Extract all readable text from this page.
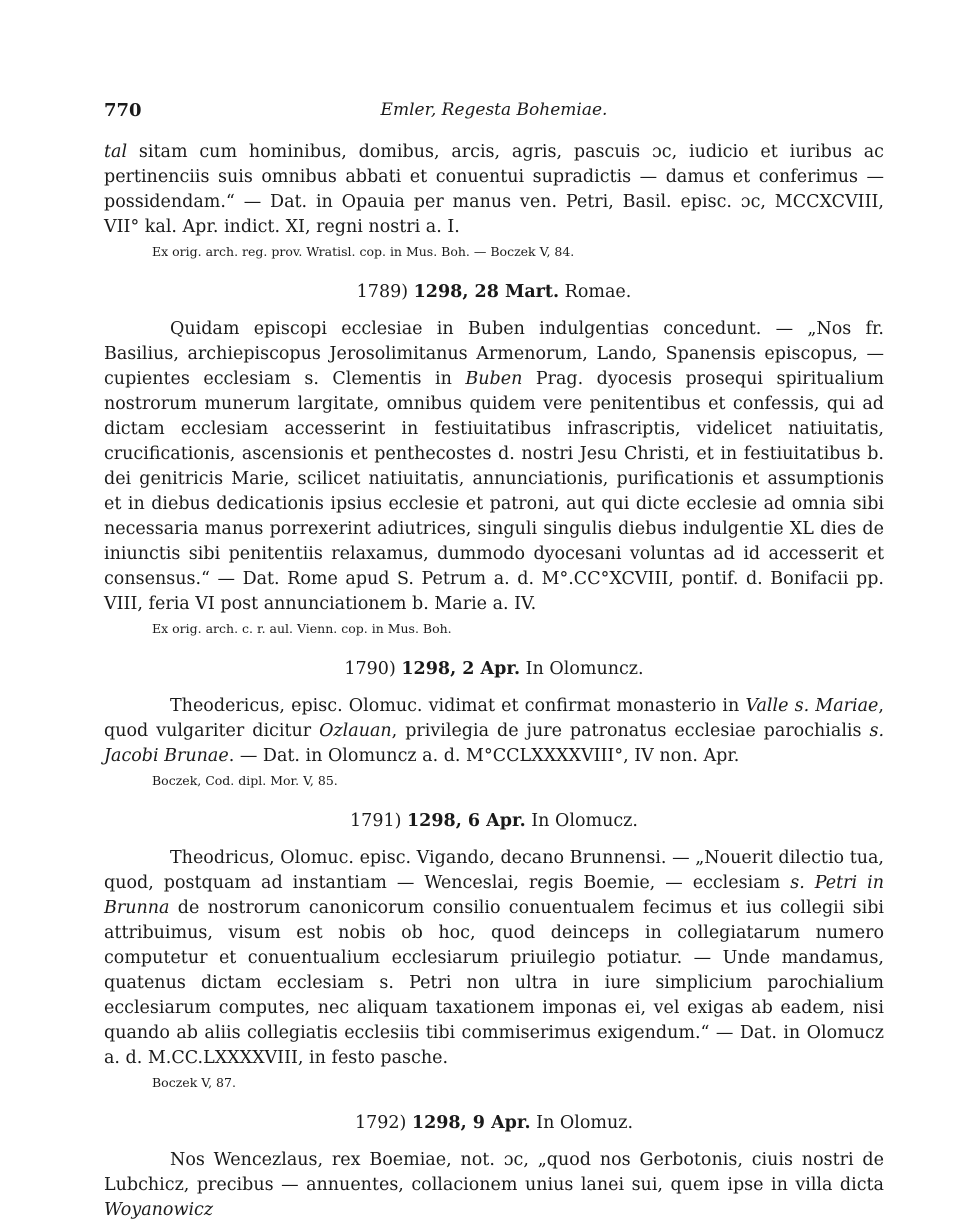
770	Emler, Regesta Bohemiae.

tal sitam cum hominibus, domibus, arcis, agris, pascuis ɔc, iudicio et iuribus ac pertinenciis suis omnibus abbati et conuentui supradictis — damus et conferimus — possidendam.“ — Dat. in Opauia per manus ven. Petri, Basil. episc. ɔc, MCCXCVIII, VII° kal. Apr. indict. XI, regni nostri a. I.

Ex orig. arch. reg. prov. Wratisl. cop. in Mus. Boh. — Boczek V, 84.
1789) 1298, 28 Mart. Romae.

Quidam episcopi ecclesiae in Buben indulgentias concedunt. — „Nos fr. Basilius, archiepiscopus Jerosolimitanus Armenorum, Lando, Spanensis episcopus, — cupientes ecclesiam s. Clementis in Buben Prag. dyocesis prosequi spiritualium nostrorum munerum largitate, omnibus quidem vere penitentibus et confessis, qui ad dictam ecclesiam accesserint in festiuitatibus infrascriptis, videlicet natiuitatis, crucificationis, ascensionis et penthecostes d. nostri Jesu Christi, et in festiuitatibus b. dei genitricis Marie, scilicet natiuitatis, annunciationis, purificationis et assumptionis et in diebus dedicationis ipsius ecclesie et patroni, aut qui dicte ecclesie ad omnia sibi necessaria manus porrexerint adiutrices, singuli singulis diebus indulgentie XL dies de iniunctis sibi penitentiis relaxamus, dummodo dyocesani voluntas ad id accesserit et consensus.“ — Dat. Rome apud S. Petrum a. d. M°.CC°XCVIII, pontif. d. Bonifacii pp. VIII, feria VI post annunciationem b. Marie a. IV.

Ex orig. arch. c. r. aul. Vienn. cop. in Mus. Boh.
1790) 1298, 2 Apr. In Olomuncz.

Theodericus, episc. Olomuc. vidimat et confirmat monasterio in Valle s. Mariae, quod vulgariter dicitur Ozlauan, privilegia de jure patronatus ecclesiae parochialis s. Jacobi Brunae. — Dat. in Olomuncz a. d. M°CCLXXXXVIII°, IV non. Apr.

Boczek, Cod. dipl. Mor. V, 85.
1791) 1298, 6 Apr. In Olomucz.

Theodricus, Olomuc. episc. Vigando, decano Brunnensi. — „Nouerit dilectio tua, quod, postquam ad instantiam — Wenceslai, regis Boemie, — ecclesiam s. Petri in Brunna de nostrorum canonicorum consilio conuentualem fecimus et ius collegii sibi attribuimus, visum est nobis ob hoc, quod deinceps in collegiatarum numero computetur et conuentualium ecclesiarum priuilegio potiatur. — Unde mandamus, quatenus dictam ecclesiam s. Petri non ultra in iure simplicium parochialium ecclesiarum computes, nec aliquam taxationem imponas ei, vel exigas ab eadem, nisi quando ab aliis collegiatis ecclesiis tibi commiserimus exigendum.“ — Dat. in Olomucz a. d. M.CC.LXXXXVIII, in festo pasche.

Boczek V, 87.
1792) 1298, 9 Apr. In Olomuz.

Nos Wencezlaus, rex Boemiae, not. ɔc, „quod nos Gerbotonis, ciuis nostri de Lubchicz, precibus — annuentes, collacionem unius lanei sui, quem ipse in villa dicta Woyanowicz
